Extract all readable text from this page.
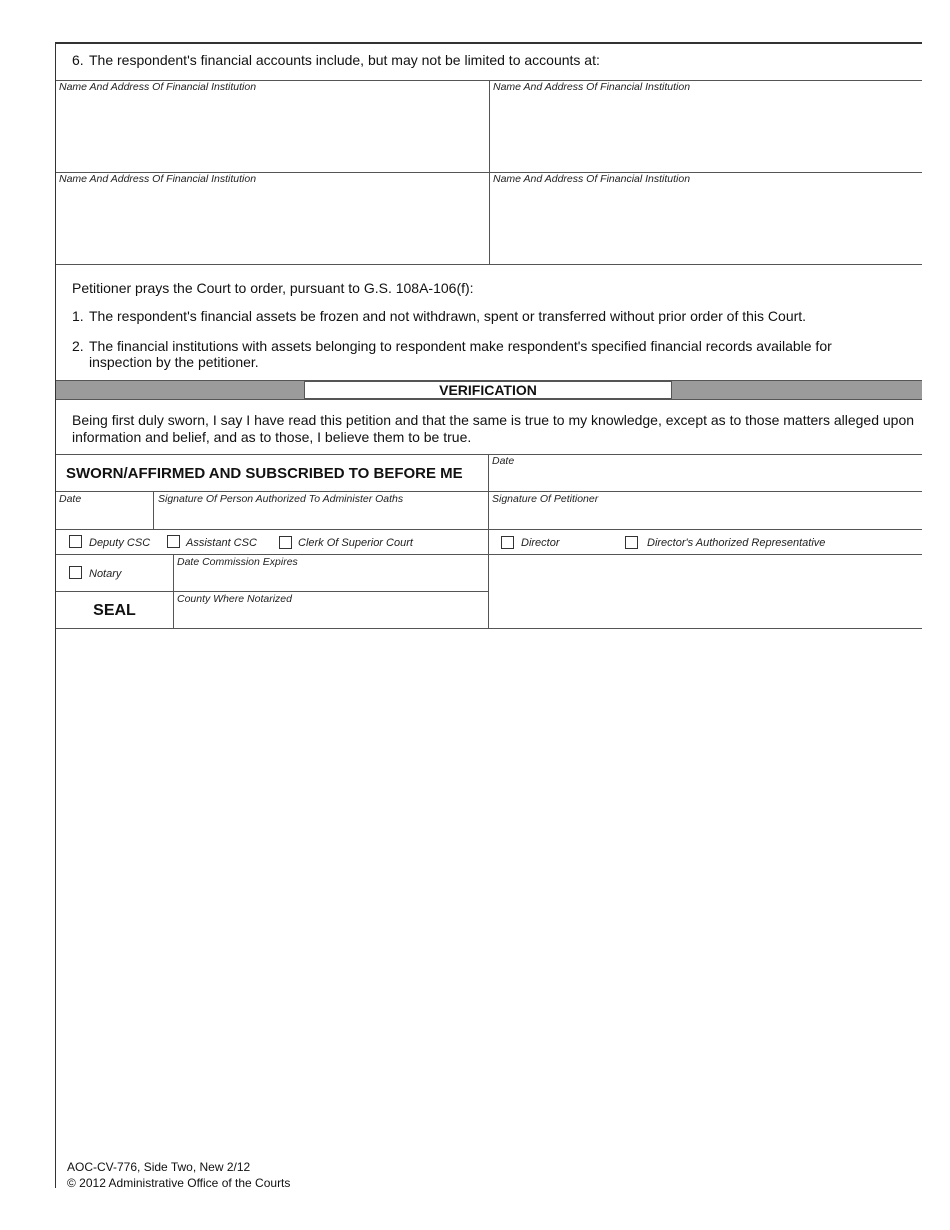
6. The respondent's financial accounts include, but may not be limited to accounts at:
Name And Address Of Financial Institution	Name And Address Of Financial Institution
Name And Address Of Financial Institution	Name And Address Of Financial Institution
Petitioner prays the Court to order, pursuant to G.S. 108A-106(f):
1. The respondent's financial assets be frozen and not withdrawn, spent or transferred without prior order of this Court.
2. The financial institutions with assets belonging to respondent make respondent's specified financial records available for inspection by the petitioner.
VERIFICATION
Being first duly sworn, I say I have read this petition and that the same is true to my knowledge, except as to those matters alleged upon information and belief, and as to those, I believe them to be true.
SWORN/AFFIRMED AND SUBSCRIBED TO BEFORE ME
Date
Date	Signature Of Person Authorized To Administer Oaths	Signature Of Petitioner
Deputy CSC	Assistant CSC	Clerk Of Superior Court	Director	Director's Authorized Representative
Notary
Date Commission Expires
SEAL
County Where Notarized
AOC-CV-776, Side Two, New 2/12
© 2012 Administrative Office of the Courts
